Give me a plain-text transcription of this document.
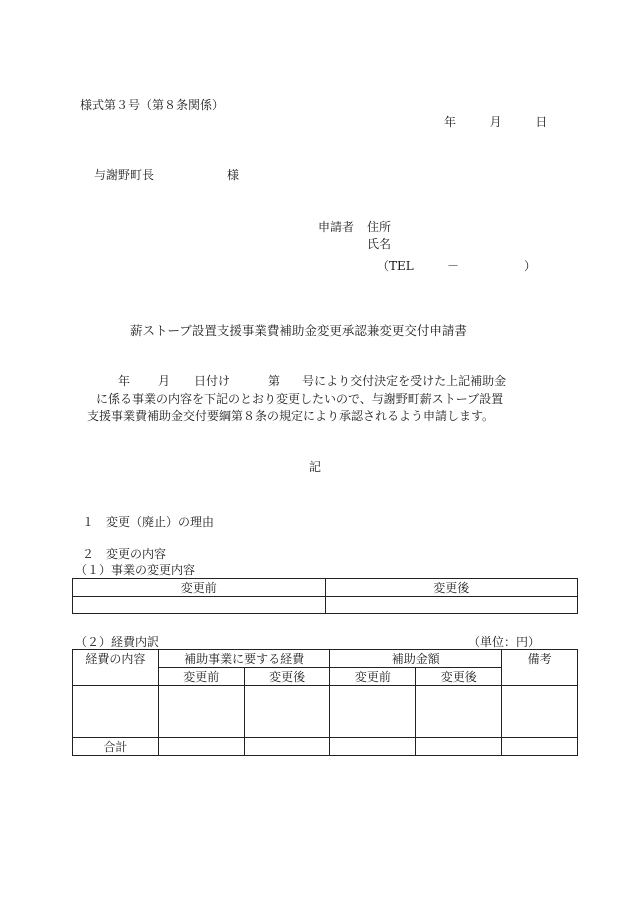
様式第３号（第８条関係）
年	月	日
与謝野町長	様
申請者 住所
氏名
（TEL	－	）
薪ストーブ設置支援事業費補助金変更承認兼変更交付申請書
年 月 日付け	第 号により交付決定を受けた上記補助金
に係る事業の内容を下記のとおり変更したいので、与謝野町薪ストーブ設置
支援事業費補助金交付要綱第８条の規定により承認されるよう申請します。
記
１　変更（廃止）の理由
２　変更の内容
（１）事業の変更内容
変更前	変更後

（２）経費内訳	（単位：円）
経費の内容	補助事業に要する経費		補助金額		備考
	変更前	変更後	変更前	変更後	

合計					
